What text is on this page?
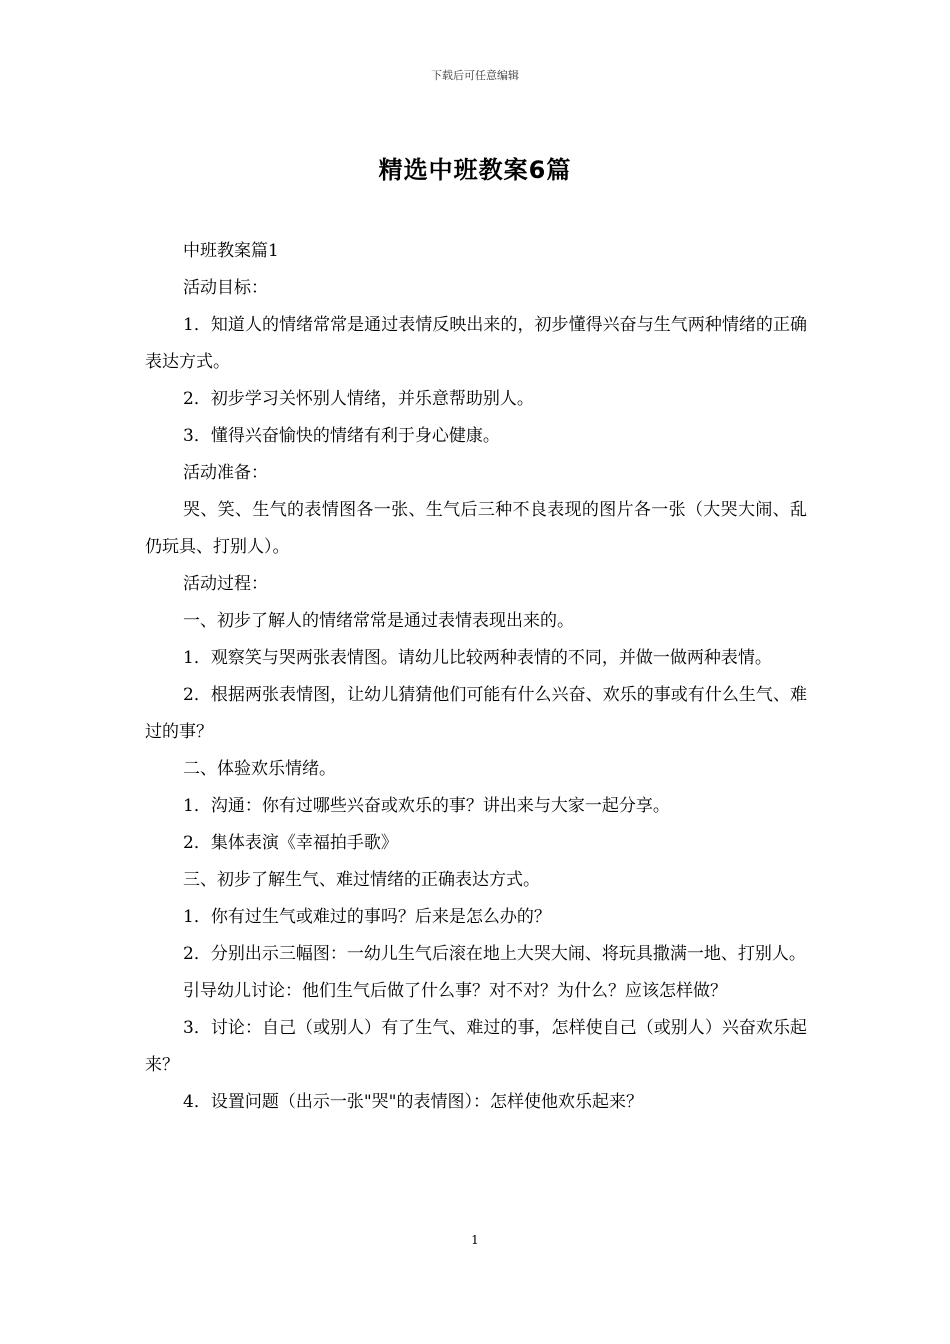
下载后可任意编辑
精选中班教案6篇

中班教案篇1

活动目标：

1．知道人的情绪常常是通过表情反映出来的，初步懂得兴奋与生气两种情绪的正确表达方式。

2．初步学习关怀别人情绪，并乐意帮助别人。

3．懂得兴奋愉快的情绪有利于身心健康。

活动准备：

哭、笑、生气的表情图各一张、生气后三种不良表现的图片各一张（大哭大闹、乱仍玩具、打别人）。

活动过程：

一、初步了解人的情绪常常是通过表情表现出来的。

1．观察笑与哭两张表情图。请幼儿比较两种表情的不同，并做一做两种表情。

2．根据两张表情图，让幼儿猜猜他们可能有什么兴奋、欢乐的事或有什么生气、难过的事？

二、体验欢乐情绪。

1．沟通：你有过哪些兴奋或欢乐的事？讲出来与大家一起分享。

2．集体表演《幸福拍手歌》

三、初步了解生气、难过情绪的正确表达方式。

1．你有过生气或难过的事吗？后来是怎么办的？

2．分别出示三幅图：一幼儿生气后滚在地上大哭大闹、将玩具撒满一地、打别人。

引导幼儿讨论：他们生气后做了什么事？对不对？为什么？应该怎样做？

3．讨论：自己（或别人）有了生气、难过的事，怎样使自己（或别人）兴奋欢乐起来？

4．设置问题（出示一张"哭"的表情图）：怎样使他欢乐起来？

1
